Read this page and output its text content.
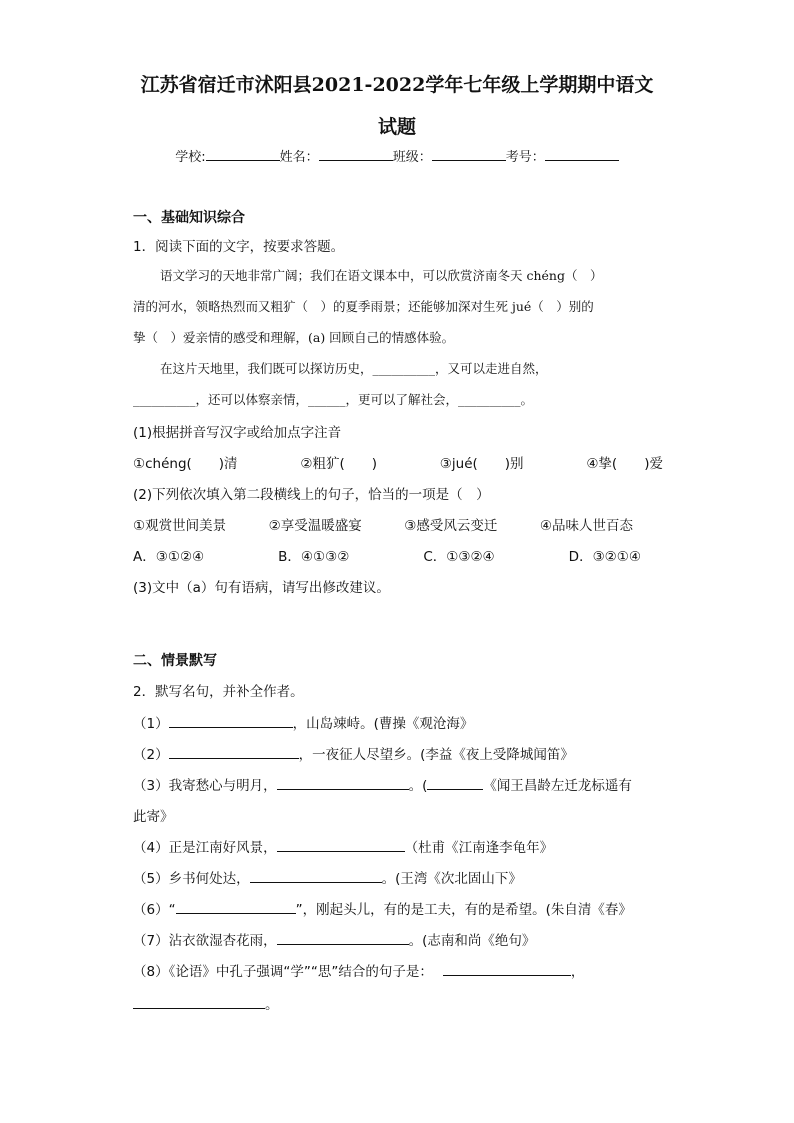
江苏省宿迁市沭阳县2021-2022学年七年级上学期期中语文
试题
学校:	姓名：	班级：	考号：
一、基础知识综合
1．阅读下面的文字，按要求答题。
语文学习的天地非常广阔；我们在语文课本中，可以欣赏济南冬天 chéng（　）
清的河水，领略热烈而又粗犷（　）的夏季雨景；还能够加深对生死 jué（　）别的
挚（　）爱亲情的感受和理解，(a) 回顾自己的情感体验。
在这片天地里，我们既可以探访历史，__________，又可以走进自然，
__________，还可以体察亲情，______，更可以了解社会，__________。
(1)根据拼音写汉字或给加点字注音
①chéng(　　)清	②粗犷(　　)	③jué(　　)别	④挚(　　)爱
(2)下列依次填入第二段横线上的句子，恰当的一项是（　）
①观赏世间美景	②享受温暖盛宴	③感受风云变迁	④品味人世百态
A．③①②④	B．④①③②	C．①③②④	D．③②①④
(3)文中（a）句有语病，请写出修改建议。
二、情景默写
2．默写名句，并补全作者。
（1）	，山岛竦峙。(曹操《观沧海》
（2）	，一夜征人尽望乡。(李益《夜上受降城闻笛》
（3）我寄愁心与明月，	。(	《闻王昌龄左迁龙标遥有
此寄》
（4）正是江南好风景，	（杜甫《江南逢李龟年》
（5）乡书何处达，	。(王湾《次北固山下》
（6）“	”，刚起头儿，有的是工夫，有的是希望。(朱自清《春》
（7）沾衣欲湿杏花雨，	。(志南和尚《绝句》
（8）《论语》中孔子强调“学”“思”结合的句子是：	，
。
